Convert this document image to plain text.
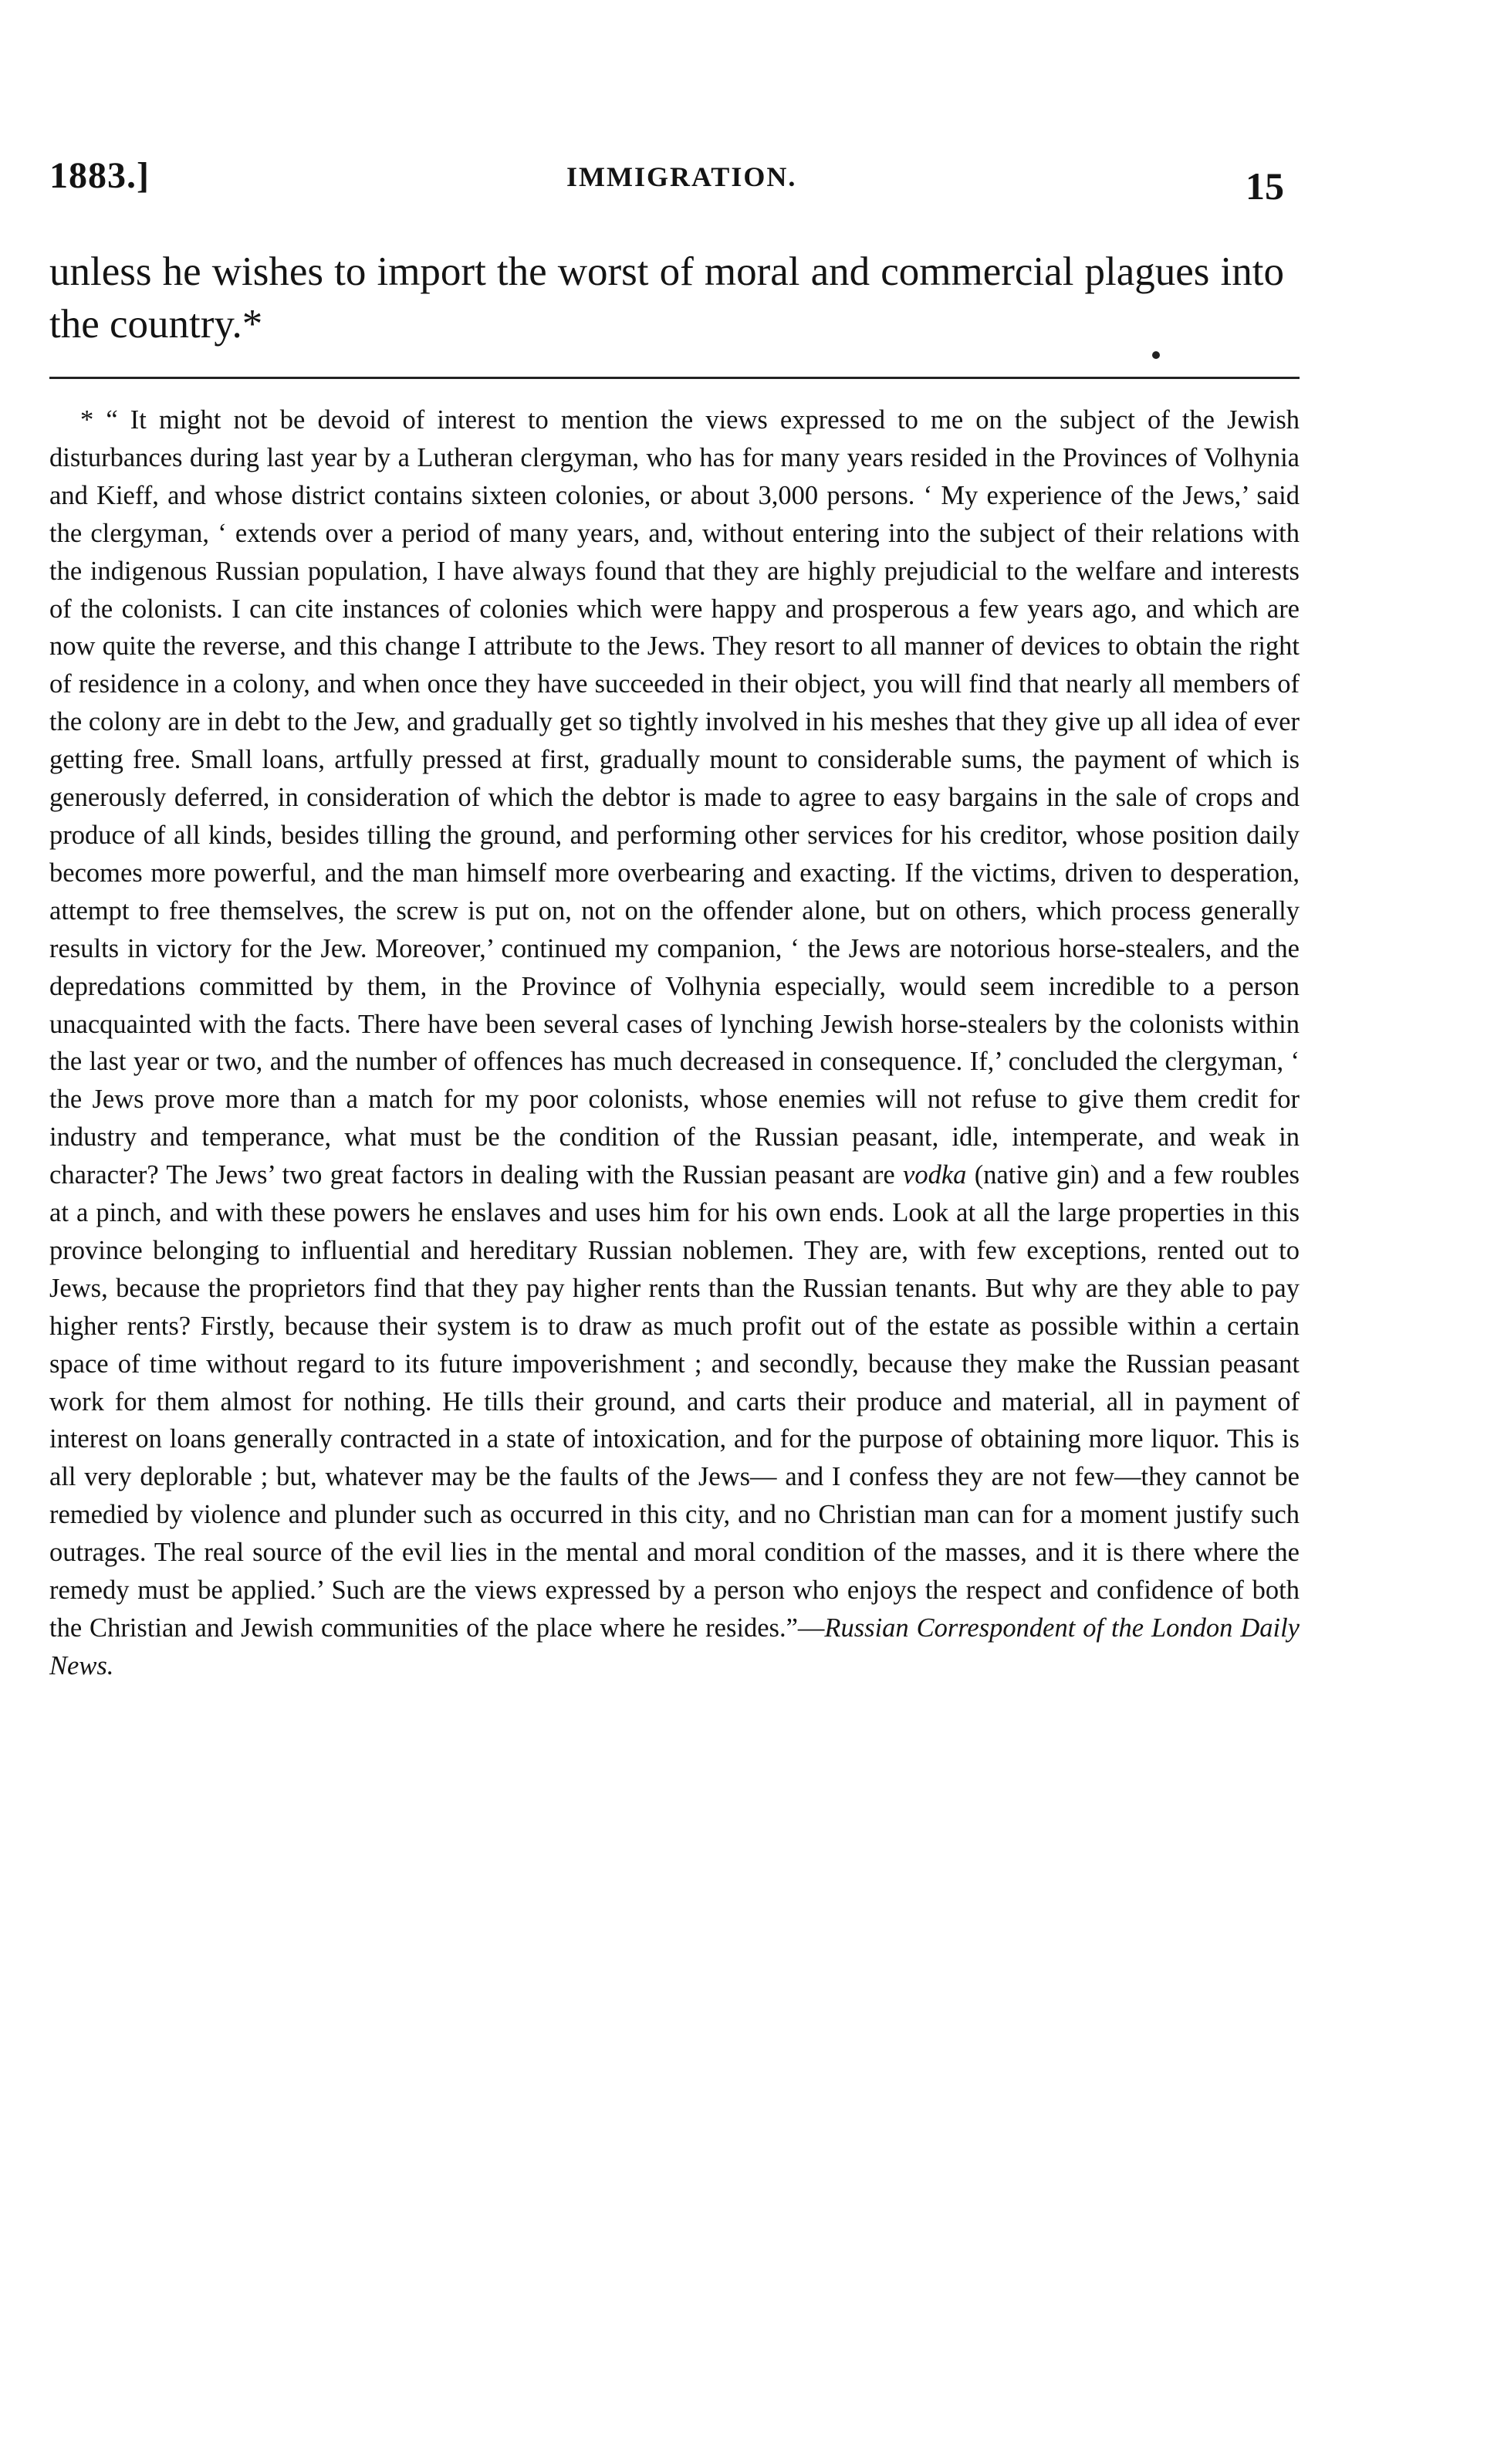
1883.]	IMMIGRATION.	15
unless he wishes to import the worst of moral and commercial plagues into the country.*
* “ It might not be devoid of interest to mention the views expressed to me on the subject of the Jewish disturbances during last year by a Lutheran clergyman, who has for many years resided in the Provinces of Volhynia and Kieff, and whose district contains sixteen colonies, or about 3,000 persons. ‘ My experience of the Jews,’ said the clergyman, ‘ extends over a period of many years, and, without entering into the subject of their relations with the indigenous Russian population, I have always found that they are highly prejudicial to the welfare and interests of the colonists. I can cite instances of colonies which were happy and prosperous a few years ago, and which are now quite the reverse, and this change I attribute to the Jews. They resort to all manner of devices to obtain the right of residence in a colony, and when once they have succeeded in their object, you will find that nearly all members of the colony are in debt to the Jew, and gradually get so tightly involved in his meshes that they give up all idea of ever getting free. Small loans, artfully pressed at first, gradually mount to considerable sums, the payment of which is generously deferred, in consideration of which the debtor is made to agree to easy bargains in the sale of crops and produce of all kinds, besides tilling the ground, and performing other services for his creditor, whose position daily becomes more powerful, and the man himself more overbearing and exacting. If the victims, driven to desperation, attempt to free themselves, the screw is put on, not on the offender alone, but on others, which process generally results in victory for the Jew. Moreover,’ continued my companion, ‘ the Jews are notorious horse-stealers, and the depredations committed by them, in the Province of Volhynia especially, would seem incredible to a person unacquainted with the facts. There have been several cases of lynching Jewish horse-stealers by the colonists within the last year or two, and the number of offences has much decreased in consequence. If,’ concluded the clergyman, ‘ the Jews prove more than a match for my poor colonists, whose enemies will not refuse to give them credit for industry and temperance, what must be the condition of the Russian peasant, idle, intemperate, and weak in character? The Jews’ two great factors in dealing with the Russian peasant are vodka (native gin) and a few roubles at a pinch, and with these powers he enslaves and uses him for his own ends. Look at all the large properties in this province belonging to influential and hereditary Russian noblemen. They are, with few exceptions, rented out to Jews, because the proprietors find that they pay higher rents than the Russian tenants. But why are they able to pay higher rents? Firstly, because their system is to draw as much profit out of the estate as possible within a certain space of time without regard to its future impoverishment ; and secondly, because they make the Russian peasant work for them almost for nothing. He tills their ground, and carts their produce and material, all in payment of interest on loans generally contracted in a state of intoxication, and for the purpose of obtaining more liquor. This is all very deplorable ; but, whatever may be the faults of the Jews— and I confess they are not few—they cannot be remedied by violence and plunder such as occurred in this city, and no Christian man can for a moment justify such outrages. The real source of the evil lies in the mental and moral condition of the masses, and it is there where the remedy must be applied.’ Such are the views expressed by a person who enjoys the respect and confidence of both the Christian and Jewish communities of the place where he resides.”—Russian Correspondent of the London Daily News.
